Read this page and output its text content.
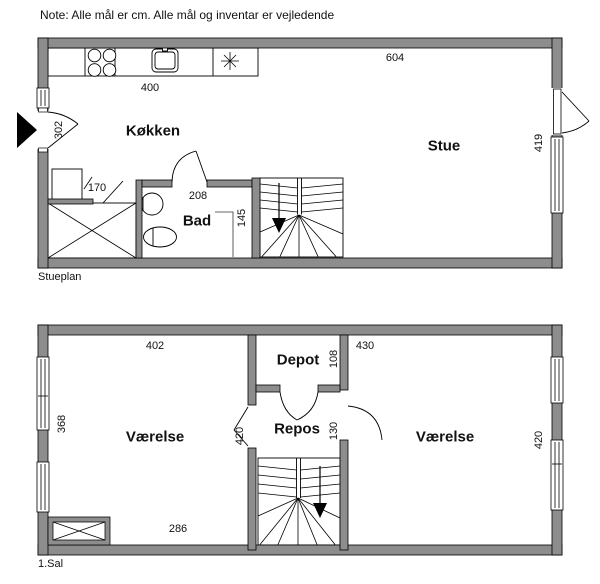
Note: Alle mål er cm. Alle mål og inventar er vejledende
400
Køkken
604
Stue
302
170
208
Bad 145
419
Stueplan
402
368
Værelse
Depot 108
Repos 130
420
430
Værelse	420
286
1.Sal
